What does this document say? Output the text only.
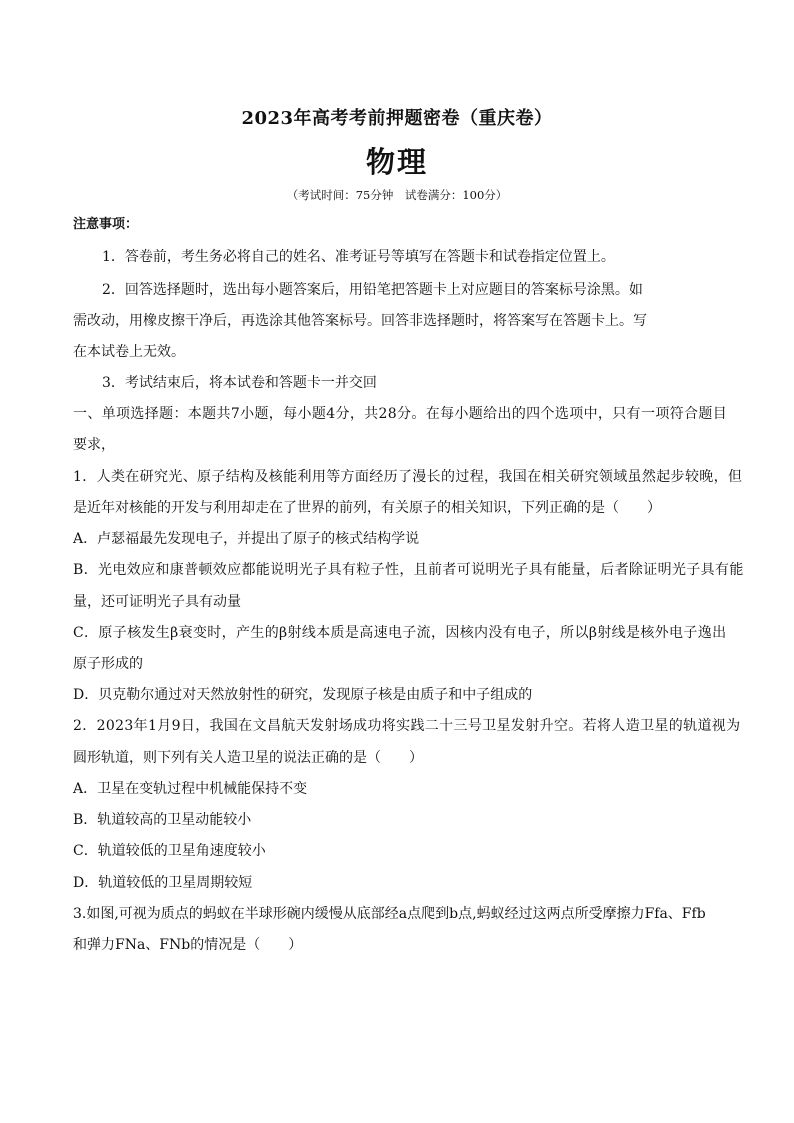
2023年高考考前押题密卷（重庆卷）
物理
（考试时间：75分钟　试卷满分：100分）
注意事项：
1．答卷前，考生务必将自己的姓名、准考证号等填写在答题卡和试卷指定位置上。
2．回答选择题时，选出每小题答案后，用铅笔把答题卡上对应题目的答案标号涂黑。如
需改动，用橡皮擦干净后，再选涂其他答案标号。回答非选择题时，将答案写在答题卡上。写
在本试卷上无效。
3．考试结束后，将本试卷和答题卡一并交回
一、单项选择题：本题共7小题，每小题4分，共28分。在每小题给出的四个选项中，只有一项符合题目
要求，
1．人类在研究光、原子结构及核能利用等方面经历了漫长的过程，我国在相关研究领域虽然起步较晚，但
是近年对核能的开发与利用却走在了世界的前列，有关原子的相关知识，下列正确的是（　　）
A．卢瑟福最先发现电子，并提出了原子的核式结构学说
B．光电效应和康普顿效应都能说明光子具有粒子性，且前者可说明光子具有能量，后者除证明光子具有能
量，还可证明光子具有动量
C．原子核发生β衰变时，产生的β射线本质是高速电子流，因核内没有电子，所以β射线是核外电子逸出
原子形成的
D．贝克勒尔通过对天然放射性的研究，发现原子核是由质子和中子组成的
2．2023年1月9日，我国在文昌航天发射场成功将实践二十三号卫星发射升空。若将人造卫星的轨道视为
圆形轨道，则下列有关人造卫星的说法正确的是（　　）
A．卫星在变轨过程中机械能保持不变
B．轨道较高的卫星动能较小
C．轨道较低的卫星角速度较小
D．轨道较低的卫星周期较短
3.如图,可视为质点的蚂蚁在半球形碗内缓慢从底部经a点爬到b点,蚂蚁经过这两点所受摩擦力Ffa、Ffb
和弹力FNa、FNb的情况是（　　）
